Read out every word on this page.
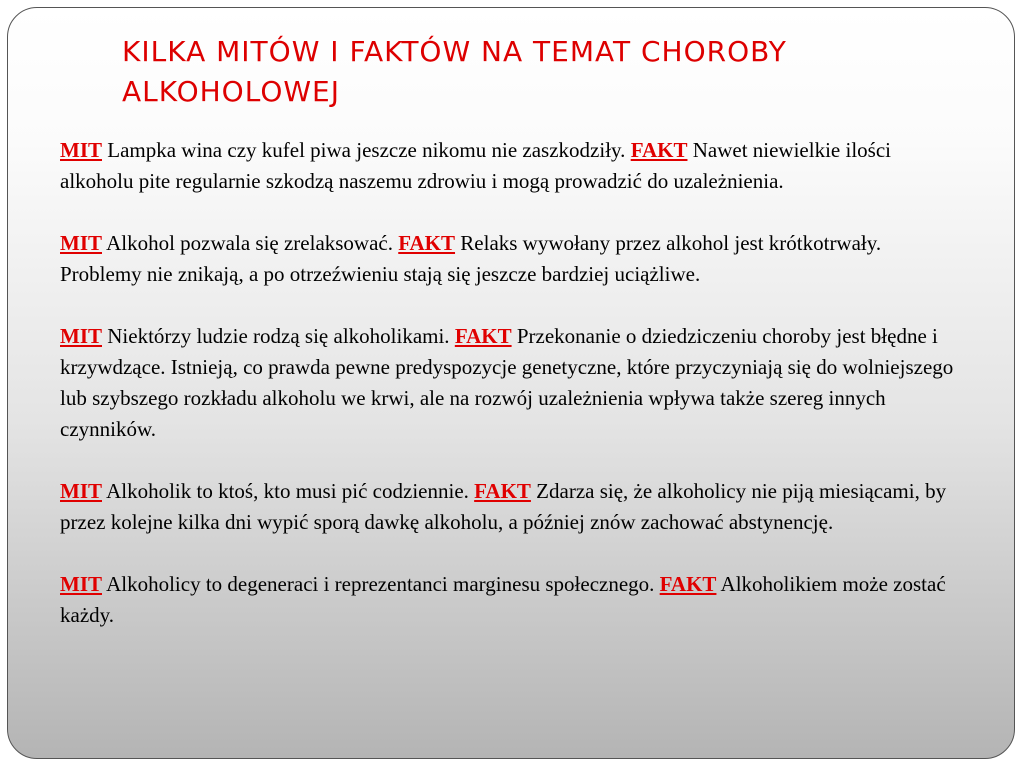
KILKA MITÓW I FAKTÓW NA TEMAT CHOROBY
ALKOHOLOWEJ

MIT Lampka wina czy kufel piwa jeszcze nikomu nie zaszkodziły. FAKT Nawet niewielkie ilości alkoholu pite regularnie szkodzą naszemu zdrowiu i mogą prowadzić do uzależnienia.

MIT Alkohol pozwala się zrelaksować. FAKT Relaks wywołany przez alkohol jest krótkotrwały. Problemy nie znikają, a po otrzeźwieniu stają się jeszcze bardziej uciążliwe.

MIT Niektórzy ludzie rodzą się alkoholikami. FAKT Przekonanie o dziedziczeniu choroby jest błędne i krzywdzące. Istnieją, co prawda pewne predyspozycje genetyczne, które przyczyniają się do wolniejszego lub szybszego rozkładu alkoholu we krwi, ale na rozwój uzależnienia wpływa także szereg innych czynników.

MIT Alkoholik to ktoś, kto musi pić codziennie. FAKT Zdarza się, że alkoholicy nie piją miesiącami, by przez kolejne kilka dni wypić sporą dawkę alkoholu, a później znów zachować abstynencję.

MIT Alkoholicy to degeneraci i reprezentanci marginesu społecznego. FAKT Alkoholikiem może zostać każdy.
